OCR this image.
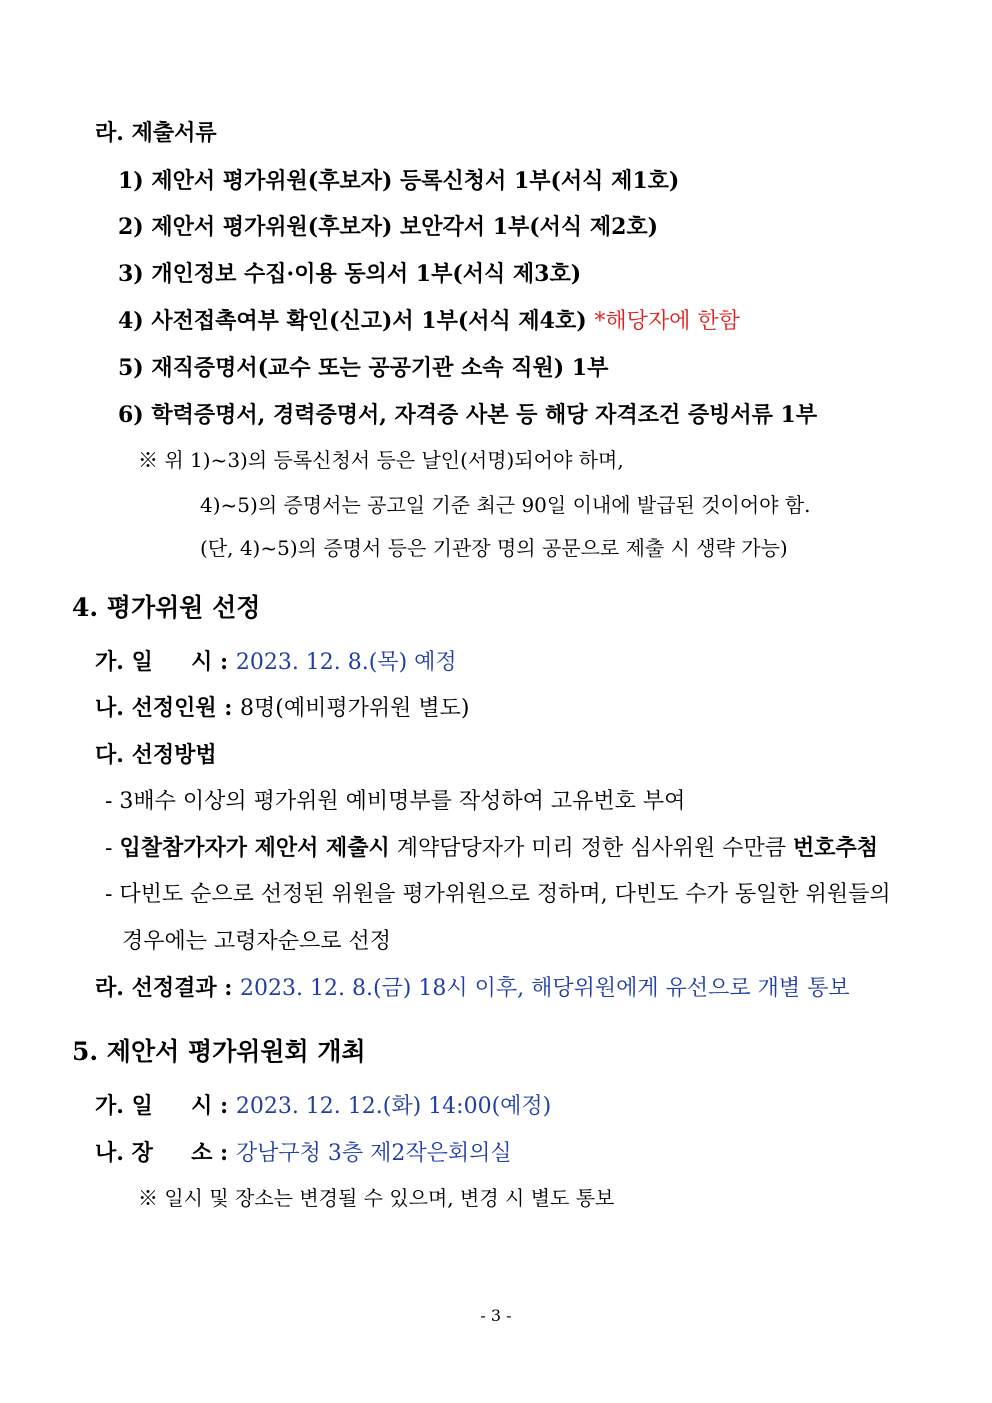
라. 제출서류
1) 제안서 평가위원(후보자) 등록신청서 1부(서식 제1호)
2) 제안서 평가위원(후보자) 보안각서 1부(서식 제2호)
3) 개인정보 수집·이용 동의서 1부(서식 제3호)
4) 사전접촉여부 확인(신고)서 1부(서식 제4호) *해당자에 한함
5) 재직증명서(교수 또는 공공기관 소속 직원) 1부
6) 학력증명서, 경력증명서, 자격증 사본 등 해당 자격조건 증빙서류 1부
※ 위 1)~3)의 등록신청서 등은 날인(서명)되어야 하며,
4)~5)의 증명서는 공고일 기준 최근 90일 이내에 발급된 것이어야 함.
(단, 4)~5)의 증명서 등은 기관장 명의 공문으로 제출 시 생략 가능)
4. 평가위원 선정
가. 일     시 : 2023. 12. 8.(목) 예정
나. 선정인원 : 8명(예비평가위원 별도)
다. 선정방법
- 3배수 이상의 평가위원 예비명부를 작성하여 고유번호 부여
- 입찰참가자가 제안서 제출시 계약담당자가 미리 정한 심사위원 수만큼 번호추첨
- 다빈도 순으로 선정된 위원을 평가위원으로 정하며, 다빈도 수가 동일한 위원들의
경우에는 고령자순으로 선정
라. 선정결과 : 2023. 12. 8.(금) 18시 이후, 해당위원에게 유선으로 개별 통보
5. 제안서 평가위원회 개최
가. 일     시 : 2023. 12. 12.(화) 14:00(예정)
나. 장     소 : 강남구청 3층 제2작은회의실
※ 일시 및 장소는 변경될 수 있으며, 변경 시 별도 통보
- 3 -
